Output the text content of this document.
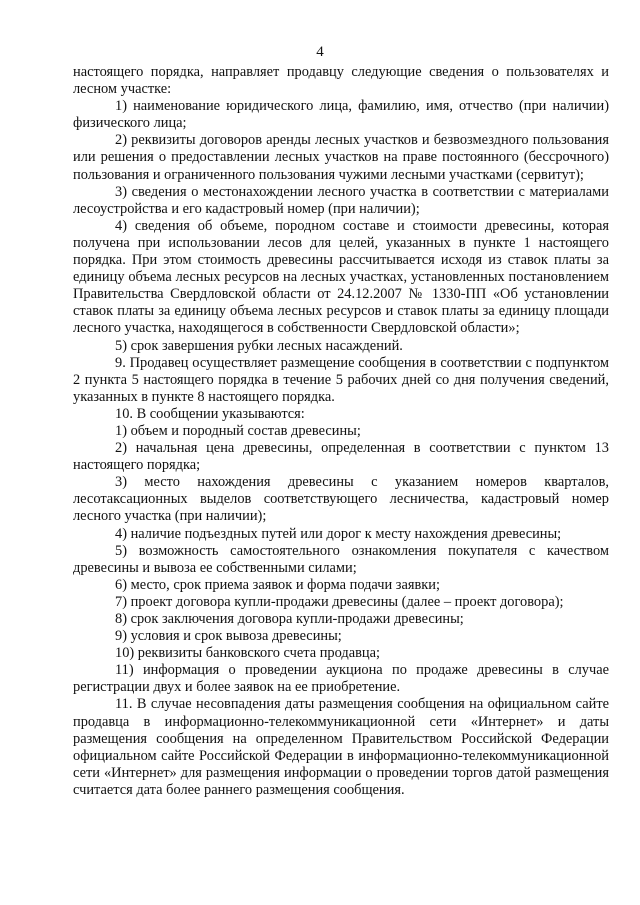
4

настоящего порядка, направляет продавцу следующие сведения о пользователях и лесном участке:

1) наименование юридического лица, фамилию, имя, отчество (при наличии) физического лица;

2) реквизиты договоров аренды лесных участков и безвозмездного пользования или решения о предоставлении лесных участков на праве постоянного (бессрочного) пользования и ограниченного пользования чужими лесными участками (сервитут);

3) сведения о местонахождении лесного участка в соответствии с материалами лесоустройства и его кадастровый номер (при наличии);

4) сведения об объеме, породном составе и стоимости древесины, которая получена при использовании лесов для целей, указанных в пункте 1 настоящего порядка. При этом стоимость древесины рассчитывается исходя из ставок платы за единицу объема лесных ресурсов на лесных участках, установленных постановлением Правительства Свердловской области от 24.12.2007 № 1330-ПП «Об установлении ставок платы за единицу объема лесных ресурсов и ставок платы за единицу площади лесного участка, находящегося в собственности Свердловской области»;

5) срок завершения рубки лесных насаждений.

9. Продавец осуществляет размещение сообщения в соответствии с подпунктом 2 пункта 5 настоящего порядка в течение 5 рабочих дней со дня получения сведений, указанных в пункте 8 настоящего порядка.

10. В сообщении указываются:

1) объем и породный состав древесины;

2) начальная цена древесины, определенная в соответствии с пунктом 13 настоящего порядка;

3) место нахождения древесины с указанием номеров кварталов, лесотаксационных выделов соответствующего лесничества, кадастровый номер лесного участка (при наличии);

4) наличие подъездных путей или дорог к месту нахождения древесины;

5) возможность самостоятельного ознакомления покупателя с качеством древесины и вывоза ее собственными силами;

6) место, срок приема заявок и форма подачи заявки;

7) проект договора купли-продажи древесины (далее – проект договора);

8) срок заключения договора купли-продажи древесины;

9) условия и срок вывоза древесины;

10) реквизиты банковского счета продавца;

11) информация о проведении аукциона по продаже древесины в случае регистрации двух и более заявок на ее приобретение.

11. В случае несовпадения даты размещения сообщения на официальном сайте продавца в информационно-телекоммуникационной сети «Интернет» и даты размещения сообщения на определенном Правительством Российской Федерации официальном сайте Российской Федерации в информационно-телекоммуникационной сети «Интернет» для размещения информации о проведении торгов датой размещения считается дата более раннего размещения сообщения.
